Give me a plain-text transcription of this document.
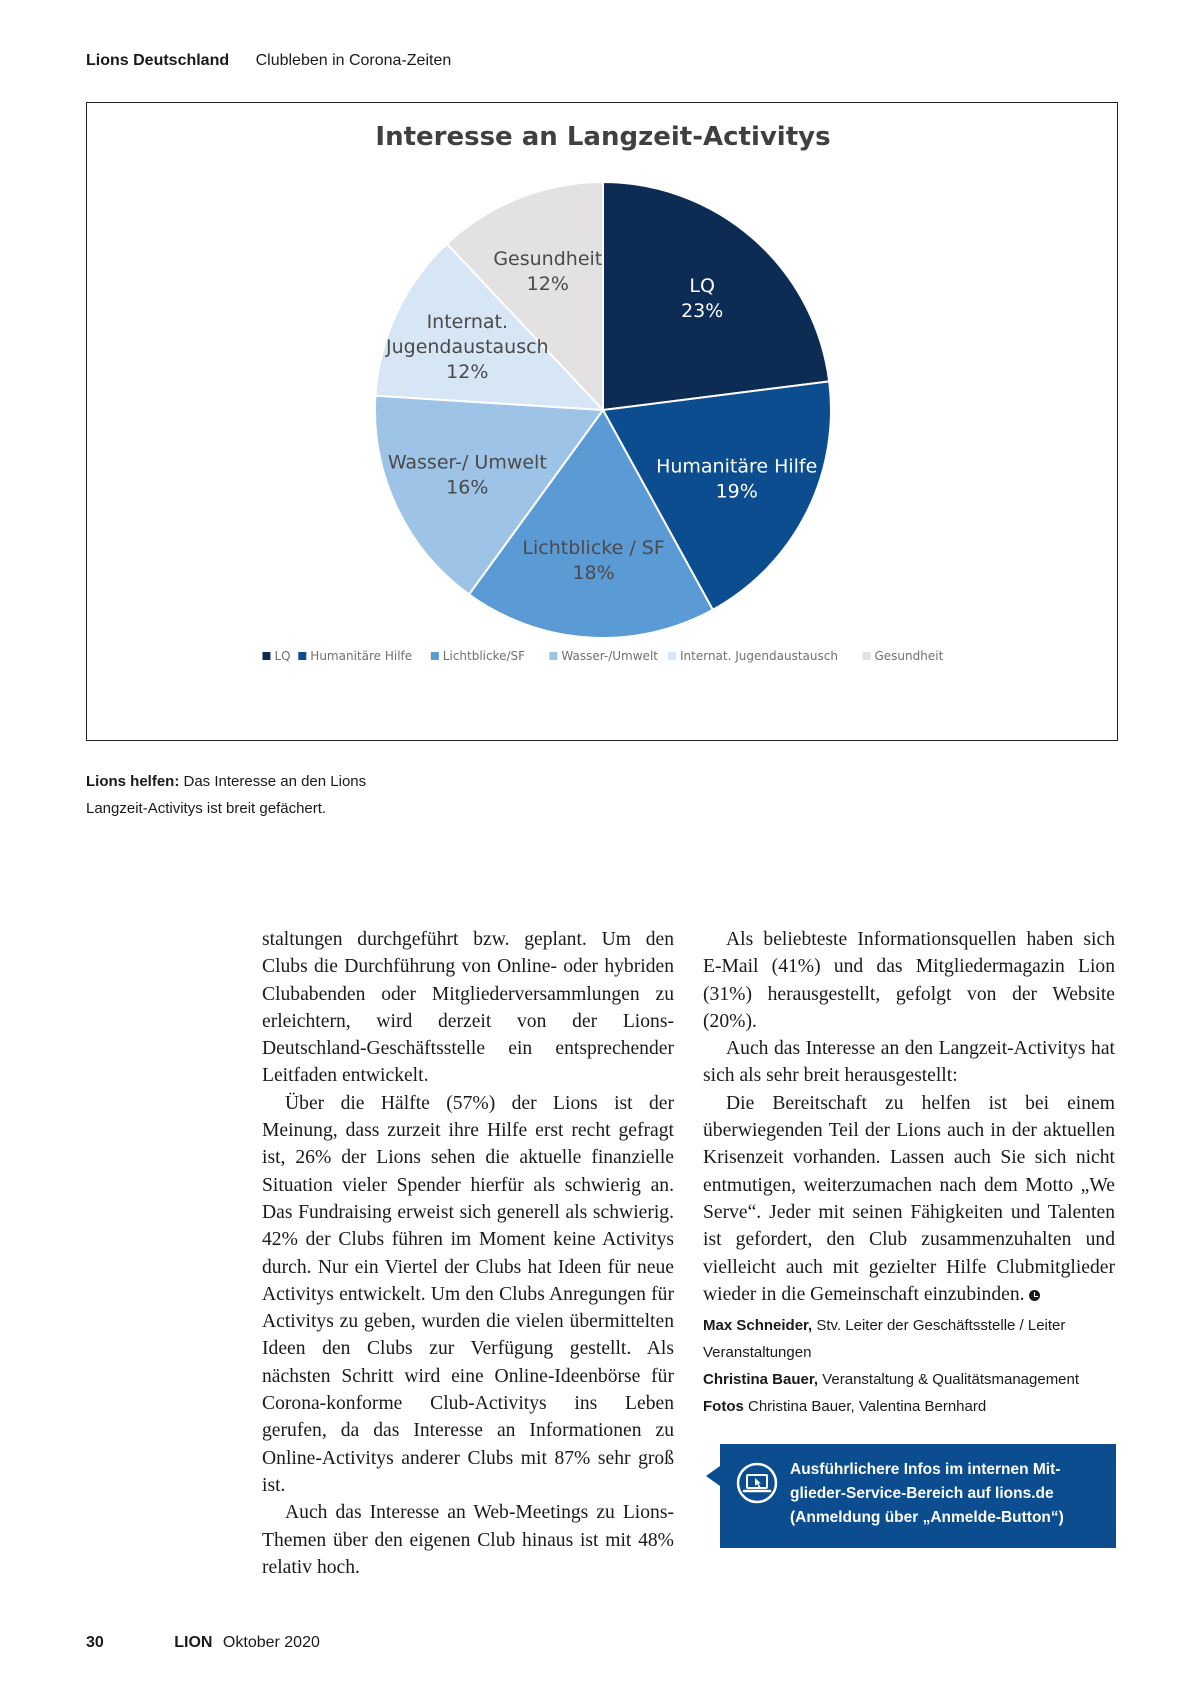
Lions Deutschland Clubleben in Corona-Zeiten
Interesse an Langzeit-Activitys
LQ 23%
Humanitäre Hilfe 19%
Lichtblicke / SF 18%
Wasser-/ Umwelt 16%
Internat. Jugendaustausch 12%
Gesundheit 12%
LQ Humanitäre Hilfe	Lichtblicke/SF	Wasser-/Umwelt Internat. Jugendaustausch	Gesundheit
Lions helfen: Das Interesse an den Lions Langzeit-Activitys ist breit gefächert.

staltungen durchgeführt bzw. geplant. Um den Clubs die Durchführung von Online- oder hybriden Clubabenden oder Mitgliederversammlungen zu erleichtern, wird derzeit von der Lions-Deutschland-Geschäftsstelle ein entsprechender Leitfaden entwickelt.

Über die Hälfte (57%) der Lions ist der Meinung, dass zurzeit ihre Hilfe erst recht gefragt ist, 26% der Lions sehen die aktuelle finanzielle Situation vieler Spender hierfür als schwierig an. Das Fundraising erweist sich generell als schwierig. 42% der Clubs führen im Moment keine Activitys durch. Nur ein Viertel der Clubs hat Ideen für neue Activitys entwickelt. Um den Clubs Anregungen für Activitys zu geben, wurden die vielen übermittelten Ideen den Clubs zur Verfügung gestellt. Als nächsten Schritt wird eine Online-Ideenbörse für Corona-konforme Club-Activitys ins Leben gerufen, da das Interesse an Informationen zu Online-Activitys anderer Clubs mit 87% sehr groß ist.

Auch das Interesse an Web-Meetings zu Lions-Themen über den eigenen Club hinaus ist mit 48% relativ hoch.

Als beliebteste Informationsquellen haben sich E-Mail (41%) und das Mitgliedermagazin Lion (31%) herausgestellt, gefolgt von der Website (20%).

Auch das Interesse an den Langzeit-Activitys hat sich als sehr breit herausgestellt:

Die Bereitschaft zu helfen ist bei einem überwiegenden Teil der Lions auch in der aktuellen Krisenzeit vorhanden. Lassen auch Sie sich nicht entmutigen, weiterzumachen nach dem Motto „We Serve“. Jeder mit seinen Fähigkeiten und Talenten ist gefordert, den Club zusammenzuhalten und vielleicht auch mit gezielter Hilfe Clubmitglieder wieder in die Gemeinschaft einzubinden.

Max Schneider, Stv. Leiter der Geschäftsstelle / Leiter Veranstaltungen
Christina Bauer, Veranstaltung & Qualitätsmanagement
Fotos Christina Bauer, Valentina Bernhard
Ausführlichere Infos im internen Mit-
glieder-Service-Bereich auf lions.de
(Anmeldung über „Anmelde-Button“)
30	LION Oktober 2020
